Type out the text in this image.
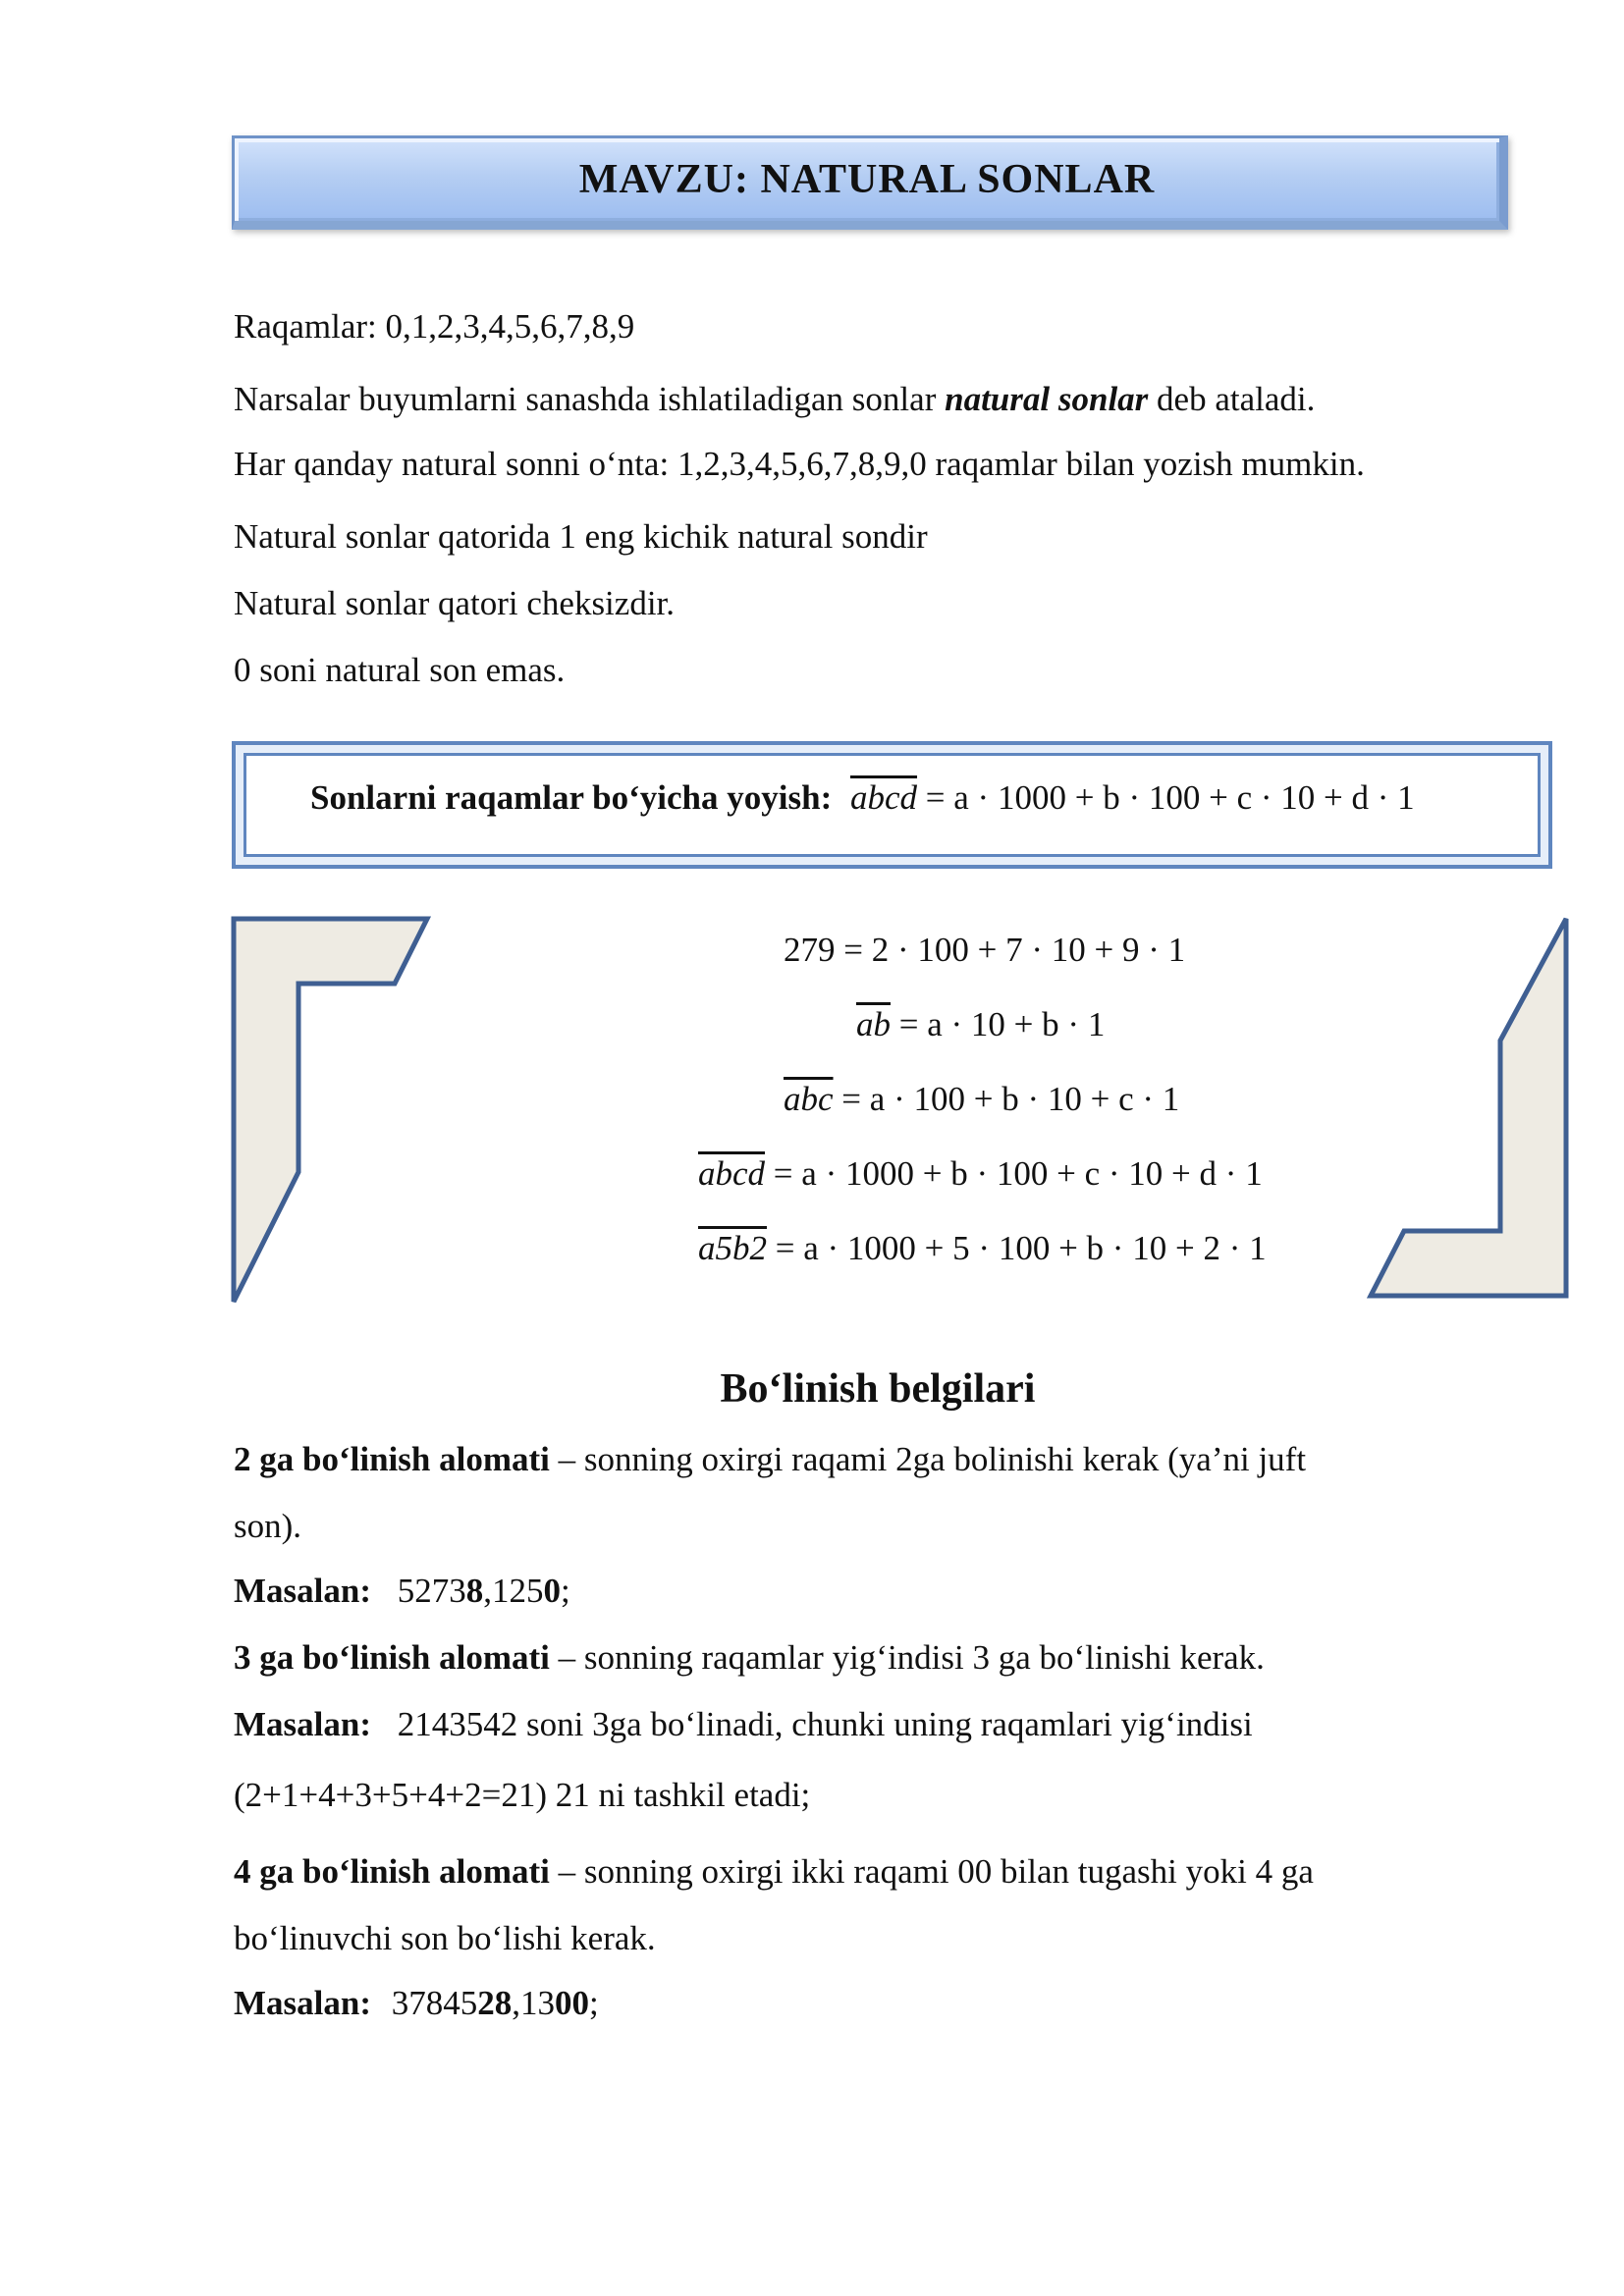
MAVZU: NATURAL SONLAR
Raqamlar: 0,1,2,3,4,5,6,7,8,9
Narsalar buyumlarni sanashda ishlatiladigan sonlar natural sonlar deb ataladi.
Har qanday natural sonni o‘nta: 1,2,3,4,5,6,7,8,9,0 raqamlar bilan yozish mumkin.
Natural sonlar qatorida 1 eng kichik natural sondir
Natural sonlar qatori cheksizdir.
0 soni natural son emas.
Sonlarni raqamlar bo‘yicha yoyish: abcd = a · 1000 + b · 100 + c · 10 + d · 1
279 = 2 · 100 + 7 · 10 + 9 · 1
$\overline{ab} = a \cdot 10 + b \cdot 1$
$\overline{abc} = a \cdot 100 + b \cdot 10 + c \cdot 1$
abcd = a · 1000 + b · 100 + c · 10 + d · 1
a5b2 = a · 1000 + 5 · 100 + b · 10 + 2 · 1
Bo‘linish belgilari
2 ga bo‘linish alomati – sonning oxirgi raqami 2ga bolinishi kerak (ya’ni juft
son).
Masalan: 52738,1250;
3 ga bo‘linish alomati – sonning raqamlar yig‘indisi 3 ga bo‘linishi kerak.
Masalan: 2143542 soni 3ga bo‘linadi, chunki uning raqamlari yig‘indisi
(2+1+4+3+5+4+2=21) 21 ni tashkil etadi;
4 ga bo‘linish alomati – sonning oxirgi ikki raqami 00 bilan tugashi yoki 4 ga
bo‘linuvchi son bo‘lishi kerak.
Masalan: 3784528,1300;
